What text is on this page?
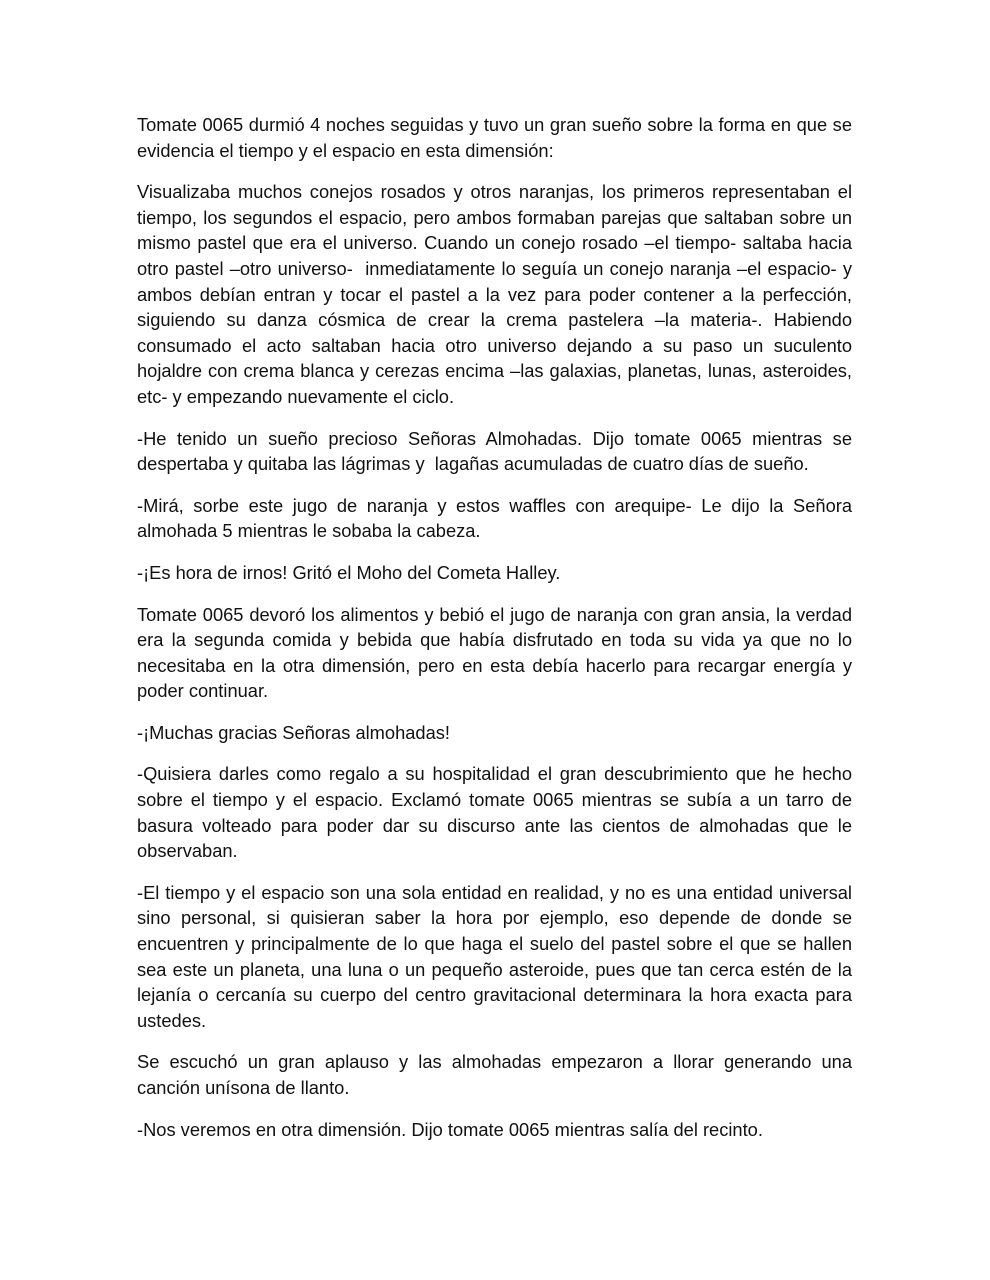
Tomate 0065 durmió 4 noches seguidas y tuvo un gran sueño sobre la forma en que se evidencia el tiempo y el espacio en esta dimensión:

Visualizaba muchos conejos rosados y otros naranjas, los primeros representaban el tiempo, los segundos el espacio, pero ambos formaban parejas que saltaban sobre un mismo pastel que era el universo. Cuando un conejo rosado –el tiempo- saltaba hacia otro pastel –otro universo-  inmediatamente lo seguía un conejo naranja –el espacio- y ambos debían entran y tocar el pastel a la vez para poder contener a la perfección, siguiendo su danza cósmica de crear la crema pastelera –la materia-. Habiendo consumado el acto saltaban hacia otro universo dejando a su paso un suculento hojaldre con crema blanca y cerezas encima –las galaxias, planetas, lunas, asteroides, etc- y empezando nuevamente el ciclo.

-He tenido un sueño precioso Señoras Almohadas. Dijo tomate 0065 mientras se despertaba y quitaba las lágrimas y  lagañas acumuladas de cuatro días de sueño.

-Mirá, sorbe este jugo de naranja y estos waffles con arequipe- Le dijo la Señora almohada 5 mientras le sobaba la cabeza.

-¡Es hora de irnos! Gritó el Moho del Cometa Halley.

Tomate 0065 devoró los alimentos y bebió el jugo de naranja con gran ansia, la verdad era la segunda comida y bebida que había disfrutado en toda su vida ya que no lo necesitaba en la otra dimensión, pero en esta debía hacerlo para recargar energía y poder continuar.

-¡Muchas gracias Señoras almohadas!

-Quisiera darles como regalo a su hospitalidad el gran descubrimiento que he hecho sobre el tiempo y el espacio. Exclamó tomate 0065 mientras se subía a un tarro de basura volteado para poder dar su discurso ante las cientos de almohadas que le observaban.

-El tiempo y el espacio son una sola entidad en realidad, y no es una entidad universal sino personal, si quisieran saber la hora por ejemplo, eso depende de donde se encuentren y principalmente de lo que haga el suelo del pastel sobre el que se hallen sea este un planeta, una luna o un pequeño asteroide, pues que tan cerca estén de la lejanía o cercanía su cuerpo del centro gravitacional determinara la hora exacta para ustedes.

Se escuchó un gran aplauso y las almohadas empezaron a llorar generando una canción unísona de llanto.

-Nos veremos en otra dimensión. Dijo tomate 0065 mientras salía del recinto.
